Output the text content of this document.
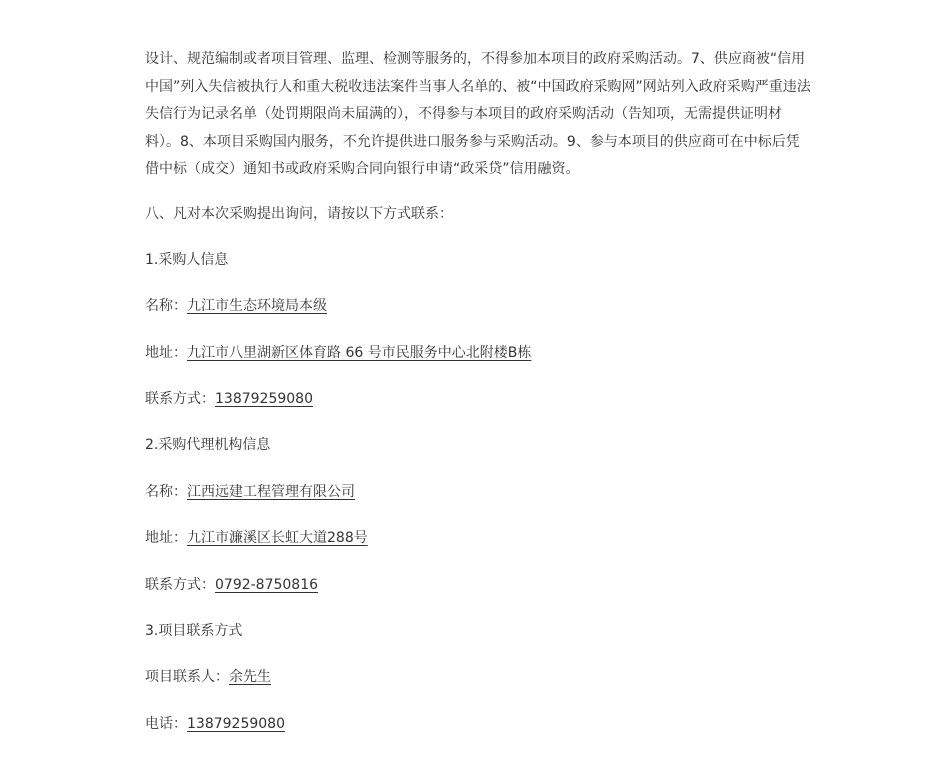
设计、规范编制或者项目管理、监理、检测等服务的，不得参加本项目的政府采购活动。7、供应商被“信用中国”列入失信被执行人和重大税收违法案件当事人名单的、被“中国政府采购网”网站列入政府采购严重违法失信行为记录名单（处罚期限尚未届满的），不得参与本项目的政府采购活动（告知项，无需提供证明材料）。8、本项目采购国内服务，不允许提供进口服务参与采购活动。9、参与本项目的供应商可在中标后凭借中标（成交）通知书或政府采购合同向银行申请“政采贷”信用融资。

八、凡对本次采购提出询问，请按以下方式联系：

1.采购人信息

名称：九江市生态环境局本级

地址：九江市八里湖新区体育路 66 号市民服务中心北附楼B栋

联系方式：13879259080

2.采购代理机构信息

名称：江西远建工程管理有限公司

地址：九江市濂溪区长虹大道288号

联系方式：0792-8750816

3.项目联系方式

项目联系人：余先生

电话：13879259080
